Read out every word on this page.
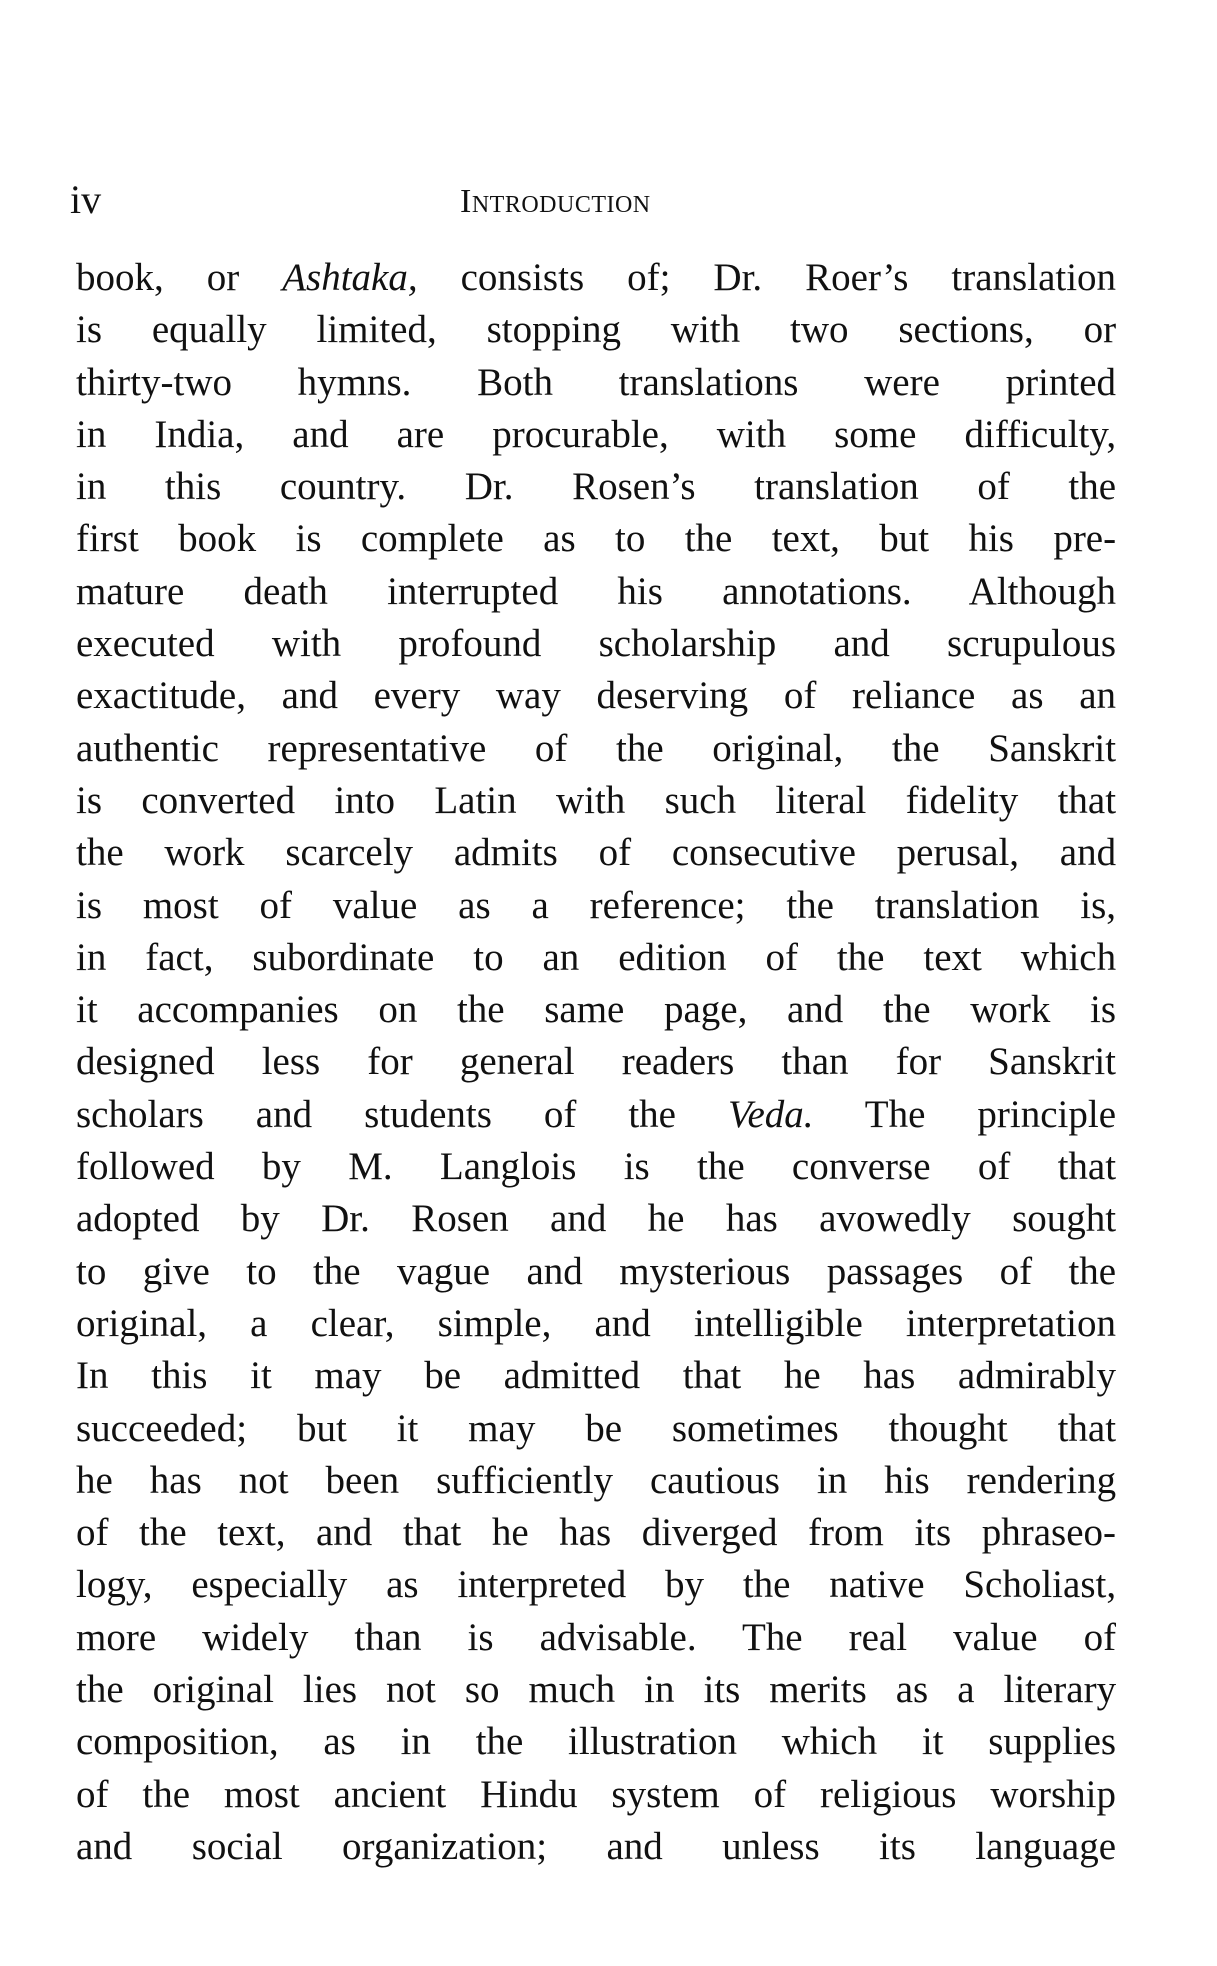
iv	Introduction
book, or Ashtaka, consists of; Dr. Roer’s translation
is equally limited, stopping with two sections, or
thirty-two hymns. Both translations were printed
in India, and are procurable, with some difficulty,
in this country. Dr. Rosen’s translation of the
first book is complete as to the text, but his pre-
mature death interrupted his annotations. Although
executed with profound scholarship and scrupulous
exactitude, and every way deserving of reliance as an
authentic representative of the original, the Sanskrit
is converted into Latin with such literal fidelity that
the work scarcely admits of consecutive perusal, and
is most of value as a reference; the translation is,
in fact, subordinate to an edition of the text which
it accompanies on the same page, and the work is
designed less for general readers than for Sanskrit
scholars and students of the Veda. The principle
followed by M. Langlois is the converse of that
adopted by Dr. Rosen and he has avowedly sought
to give to the vague and mysterious passages of the
original, a clear, simple, and intelligible interpretation
In this it may be admitted that he has admirably
succeeded; but it may be sometimes thought that
he has not been sufficiently cautious in his rendering
of the text, and that he has diverged from its phraseo-
logy, especially as interpreted by the native Scholiast,
more widely than is advisable. The real value of
the original lies not so much in its merits as a literary
composition, as in the illustration which it supplies
of the most ancient Hindu system of religious worship
and social organization; and unless its language
